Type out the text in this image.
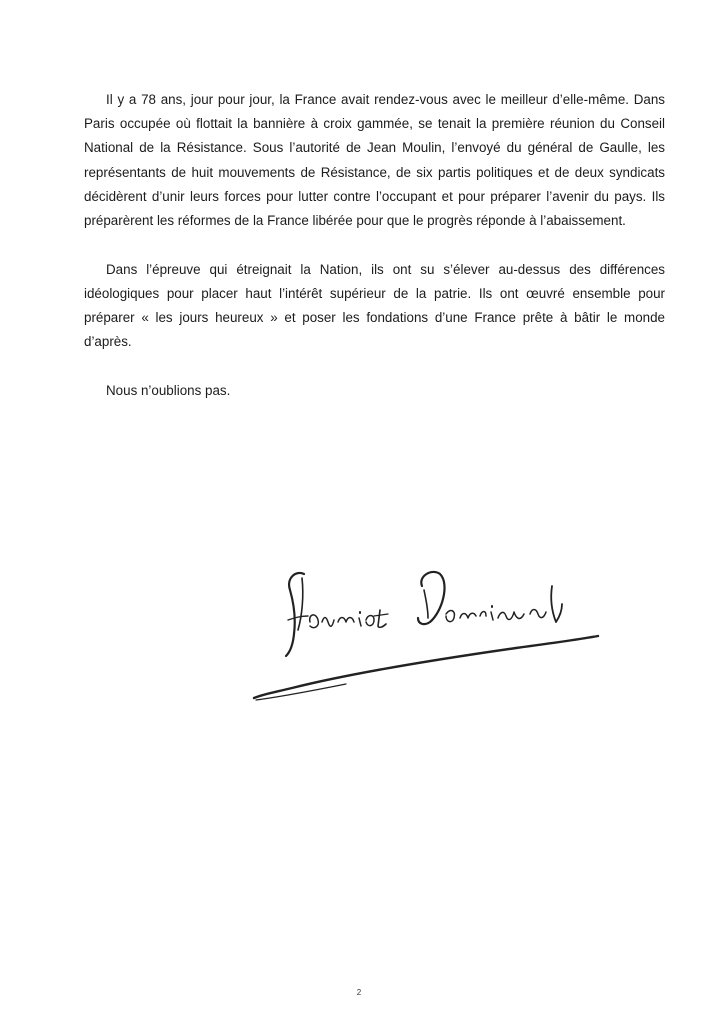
Il y a 78 ans, jour pour jour, la France avait rendez-vous avec le meilleur d’elle-même. Dans Paris occupée où flottait la bannière à croix gammée, se tenait la première réunion du Conseil National de la Résistance. Sous l’autorité de Jean Moulin, l’envoyé du général de Gaulle, les représentants de huit mouvements de Résistance, de six partis politiques et de deux syndicats décidèrent d’unir leurs forces pour lutter contre l’occupant et pour préparer l’avenir du pays. Ils préparèrent les réformes de la France libérée pour que le progrès réponde à l’abaissement.

Dans l’épreuve qui étreignait la Nation, ils ont su s’élever au-dessus des différences idéologiques pour placer haut l’intérêt supérieur de la patrie. Ils ont œuvré ensemble pour préparer « les jours heureux » et poser les fondations d’une France prête à bâtir le monde d’après.

Nous n’oublions pas.

2
